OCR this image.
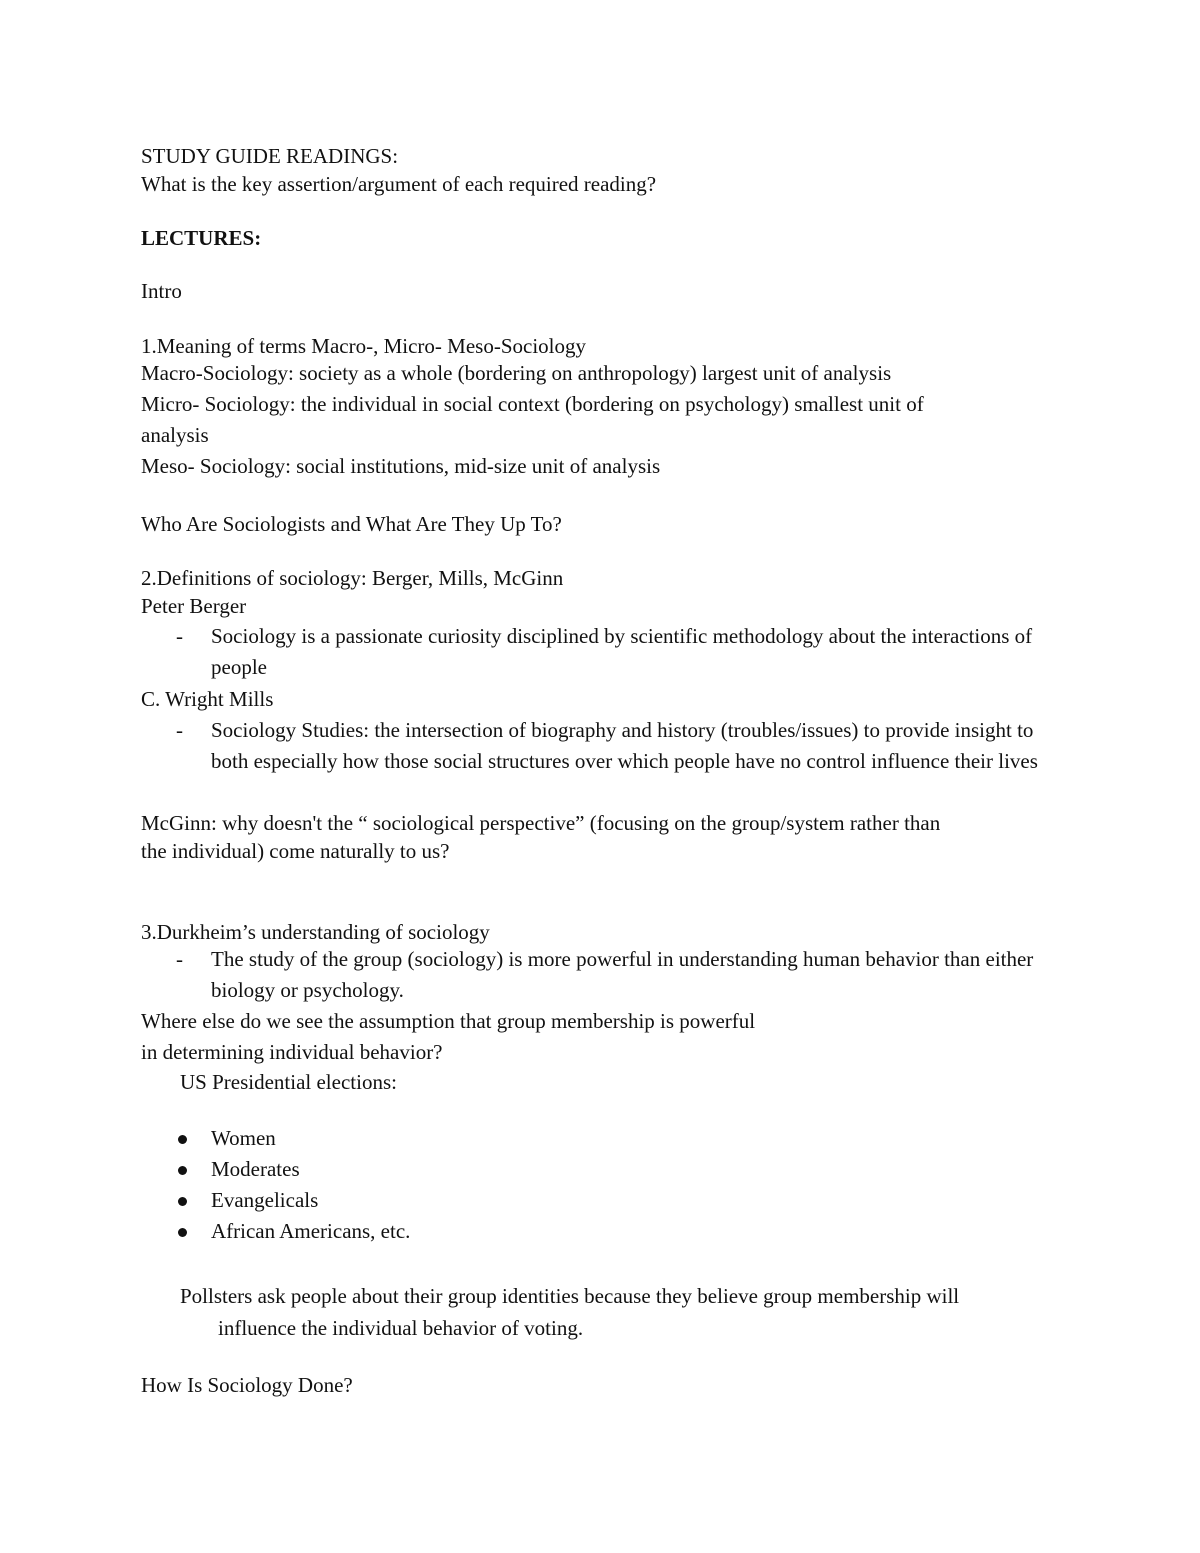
STUDY GUIDE READINGS:
What is the key assertion/argument of each required reading?
LECTURES:
Intro
1.Meaning of terms Macro-, Micro- Meso-Sociology
Macro-Sociology: society as a whole (bordering on anthropology) largest unit of analysis
Micro- Sociology: the individual in social context (bordering on psychology) smallest unit of
analysis
Meso- Sociology: social institutions, mid-size unit of analysis
Who Are Sociologists and What Are They Up To?
2.Definitions of sociology: Berger, Mills, McGinn
Peter Berger
-	Sociology is a passionate curiosity disciplined by scientific methodology about the interactions of people
C. Wright Mills
-	Sociology Studies: the intersection of biography and history (troubles/issues) to provide insight to both especially how those social structures over which people have no control influence their lives
McGinn: why doesn't the “ sociological perspective” (focusing on the group/system rather than
the individual) come naturally to us?
3.Durkheim’s understanding of sociology
-	The study of the group (sociology) is more powerful in understanding human behavior than either biology or psychology.
Where else do we see the assumption that group membership is powerful
in determining individual behavior?
US Presidential elections:
Women
Moderates
Evangelicals
African Americans, etc.
Pollsters ask people about their group identities because they believe group membership will
influence the individual behavior of voting.
How Is Sociology Done?
